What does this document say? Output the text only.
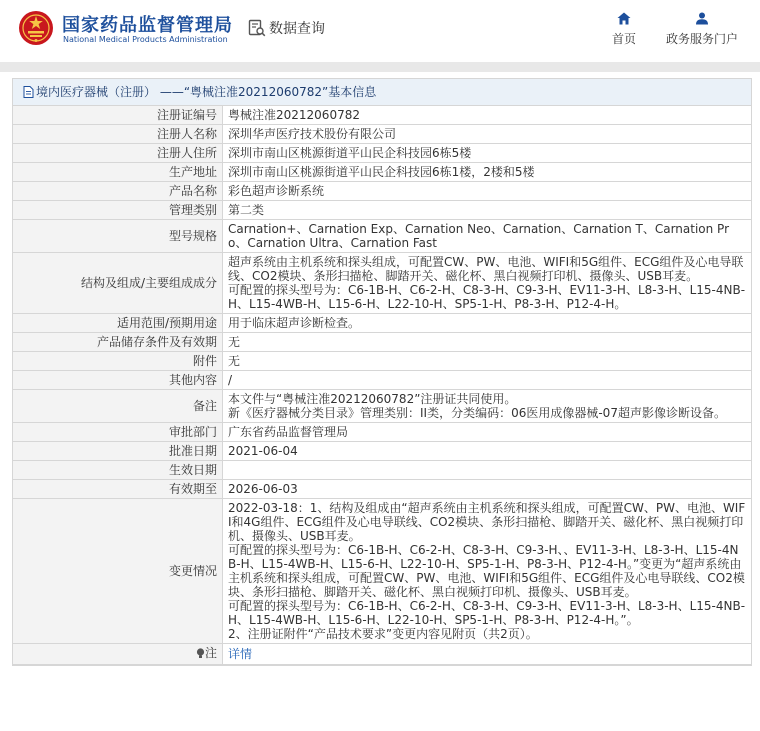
国家药品监督管理局
National Medical Products Administration
数据查询
首页 政务服务门户
境内医疗器械（注册） ——“粤械注准20212060782”基本信息
注册证编号	粤械注准20212060782
注册人名称	深圳华声医疗技术股份有限公司
注册人住所	深圳市南山区桃源街道平山民企科技园6栋5楼
生产地址	深圳市南山区桃源街道平山民企科技园6栋1楼，2楼和5楼
产品名称	彩色超声诊断系统
管理类别	第二类
型号规格	Carnation+、Carnation Exp、Carnation Neo、Carnation、Carnation T、Carnation Pro、Carnation Ultra、Carnation Fast
结构及组成/主要组成成分	超声系统由主机系统和探头组成，可配置CW、PW、电池、WIFI和5G组件、ECG组件及心电导联线、CO2模块、条形扫描枪、脚踏开关、磁化杯、黑白视频打印机、摄像头、USB耳麦。
可配置的探头型号为：C6-1B-H、C6-2-H、C8-3-H、C9-3-H、EV11-3-H、L8-3-H、L15-4NB-H、L15-4WB-H、L15-6-H、L22-10-H、SP5-1-H、P8-3-H、P12-4-H。
适用范围/预期用途	用于临床超声诊断检查。
产品储存条件及有效期	无
附件	无
其他内容	/
备注	本文件与“粤械注准20212060782”注册证共同使用。
新《医疗器械分类目录》管理类别：II类，分类编码：06医用成像器械-07超声影像诊断设备。
审批部门	广东省药品监督管理局
批准日期	2021-06-04
生效日期	
有效期至	2026-06-03
变更情况	2022-03-18：1、结构及组成由“超声系统由主机系统和探头组成，可配置CW、PW、电池、WIFI和4G组件、ECG组件及心电导联线、CO2模块、条形扫描枪、脚踏开关、磁化杯、黑白视频打印机、摄像头、USB耳麦。
可配置的探头型号为：C6-1B-H、C6-2-H、C8-3-H、C9-3-H、、EV11-3-H、L8-3-H、L15-4NB-H、L15-4WB-H、L15-6-H、L22-10-H、SP5-1-H、P8-3-H、P12-4-H。”变更为“超声系统由主机系统和探头组成，可配置CW、PW、电池、WIFI和5G组件、ECG组件及心电导联线、CO2模块、条形扫描枪、脚踏开关、磁化杯、黑白视频打印机、摄像头、USB耳麦。
可配置的探头型号为：C6-1B-H、C6-2-H、C8-3-H、C9-3-H、EV11-3-H、L8-3-H、L15-4NB-H、L15-4WB-H、L15-6-H、L22-10-H、SP5-1-H、P8-3-H、P12-4-H。”。
2、注册证附件“产品技术要求”变更内容见附页（共2页）。

注	详情
